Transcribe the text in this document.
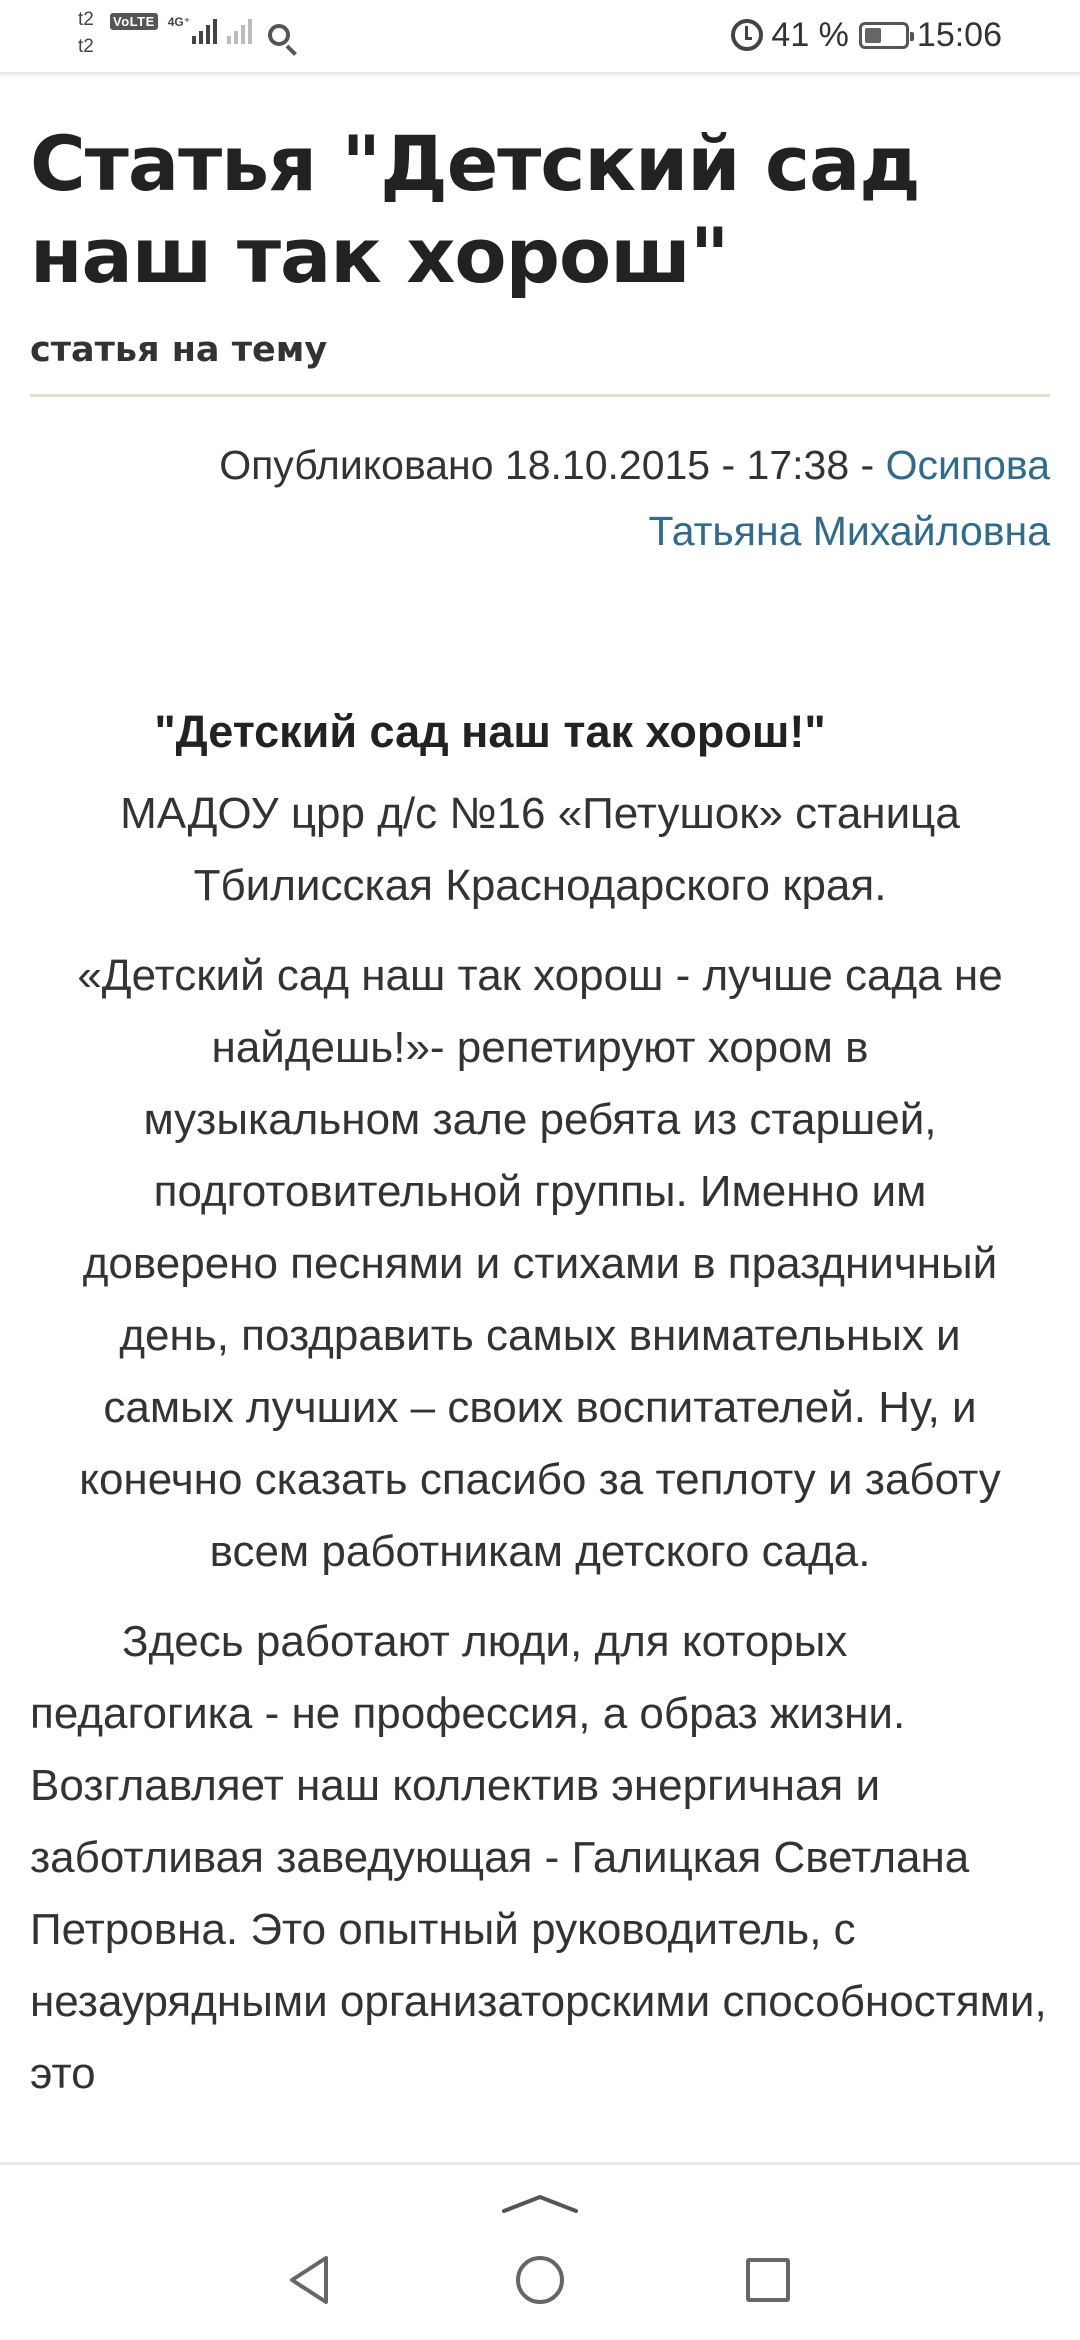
t2
t2
VoLTE 4G⁺	41 % 15:06
Статья "Детский сад наш так хорош"
статья на тему
Опубликовано 18.10.2015 - 17:38 - Осипова Татьяна Михайловна
"Детский сад наш так хорош!"

МАДОУ црр д/с №16 «Петушок» станица Тбилисская Краснодарского края.

«Детский сад наш так хорош - лучше сада не найдешь!»- репетируют хором в музыкальном зале ребята из старшей, подготовительной группы. Именно им доверено песнями и стихами в праздничный день, поздравить самых внимательных и самых лучших – своих воспитателей. Ну, и конечно сказать спасибо за теплоту и заботу всем работникам детского сада.

Здесь работают люди, для которых педагогика - не профессия, а образ жизни. Возглавляет наш коллектив энергичная и заботливая заведующая - Галицкая Светлана Петровна. Это опытный руководитель, с незаурядными организаторскими способностями, это
